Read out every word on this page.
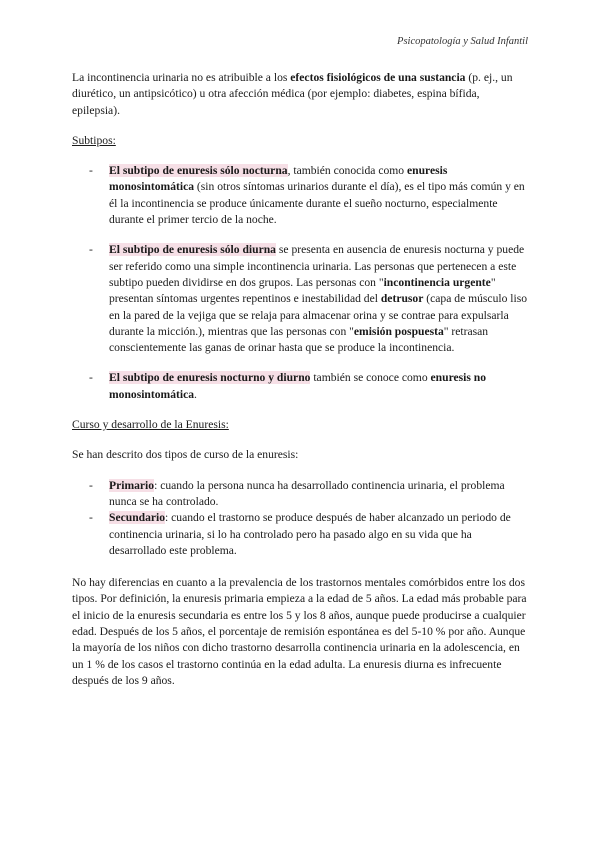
Psicopatología y Salud Infantil

La incontinencia urinaria no es atribuible a los efectos fisiológicos de una sustancia (p. ej., un diurético, un antipsicótico) u otra afección médica (por ejemplo: diabetes, espina bífida, epilepsia).

Subtipos:

- El subtipo de enuresis sólo nocturna, también conocida como enuresis monosintomática (sin otros síntomas urinarios durante el día), es el tipo más común y en él la incontinencia se produce únicamente durante el sueño nocturno, especialmente durante el primer tercio de la noche.
- El subtipo de enuresis sólo diurna se presenta en ausencia de enuresis nocturna y puede ser referido como una simple incontinencia urinaria. Las personas que pertenecen a este subtipo pueden dividirse en dos grupos. Las personas con "incontinencia urgente" presentan síntomas urgentes repentinos e inestabilidad del detrusor (capa de músculo liso en la pared de la vejiga que se relaja para almacenar orina y se contrae para expulsarla durante la micción.), mientras que las personas con "emisión pospuesta" retrasan conscientemente las ganas de orinar hasta que se produce la incontinencia.
- El subtipo de enuresis nocturno y diurno también se conoce como enuresis no monosintomática.

Curso y desarrollo de la Enuresis:

Se han descrito dos tipos de curso de la enuresis:

- Primario: cuando la persona nunca ha desarrollado continencia urinaria, el problema nunca se ha controlado.
- Secundario: cuando el trastorno se produce después de haber alcanzado un periodo de continencia urinaria, si lo ha controlado pero ha pasado algo en su vida que ha desarrollado este problema.

No hay diferencias en cuanto a la prevalencia de los trastornos mentales comórbidos entre los dos tipos. Por definición, la enuresis primaria empieza a la edad de 5 años. La edad más probable para el inicio de la enuresis secundaria es entre los 5 y los 8 años, aunque puede producirse a cualquier edad. Después de los 5 años, el porcentaje de remisión espontánea es del 5-10 % por año. Aunque la mayoría de los niños con dicho trastorno desarrolla continencia urinaria en la adolescencia, en un 1 % de los casos el trastorno continúa en la edad adulta. La enuresis diurna es infrecuente después de los 9 años.
